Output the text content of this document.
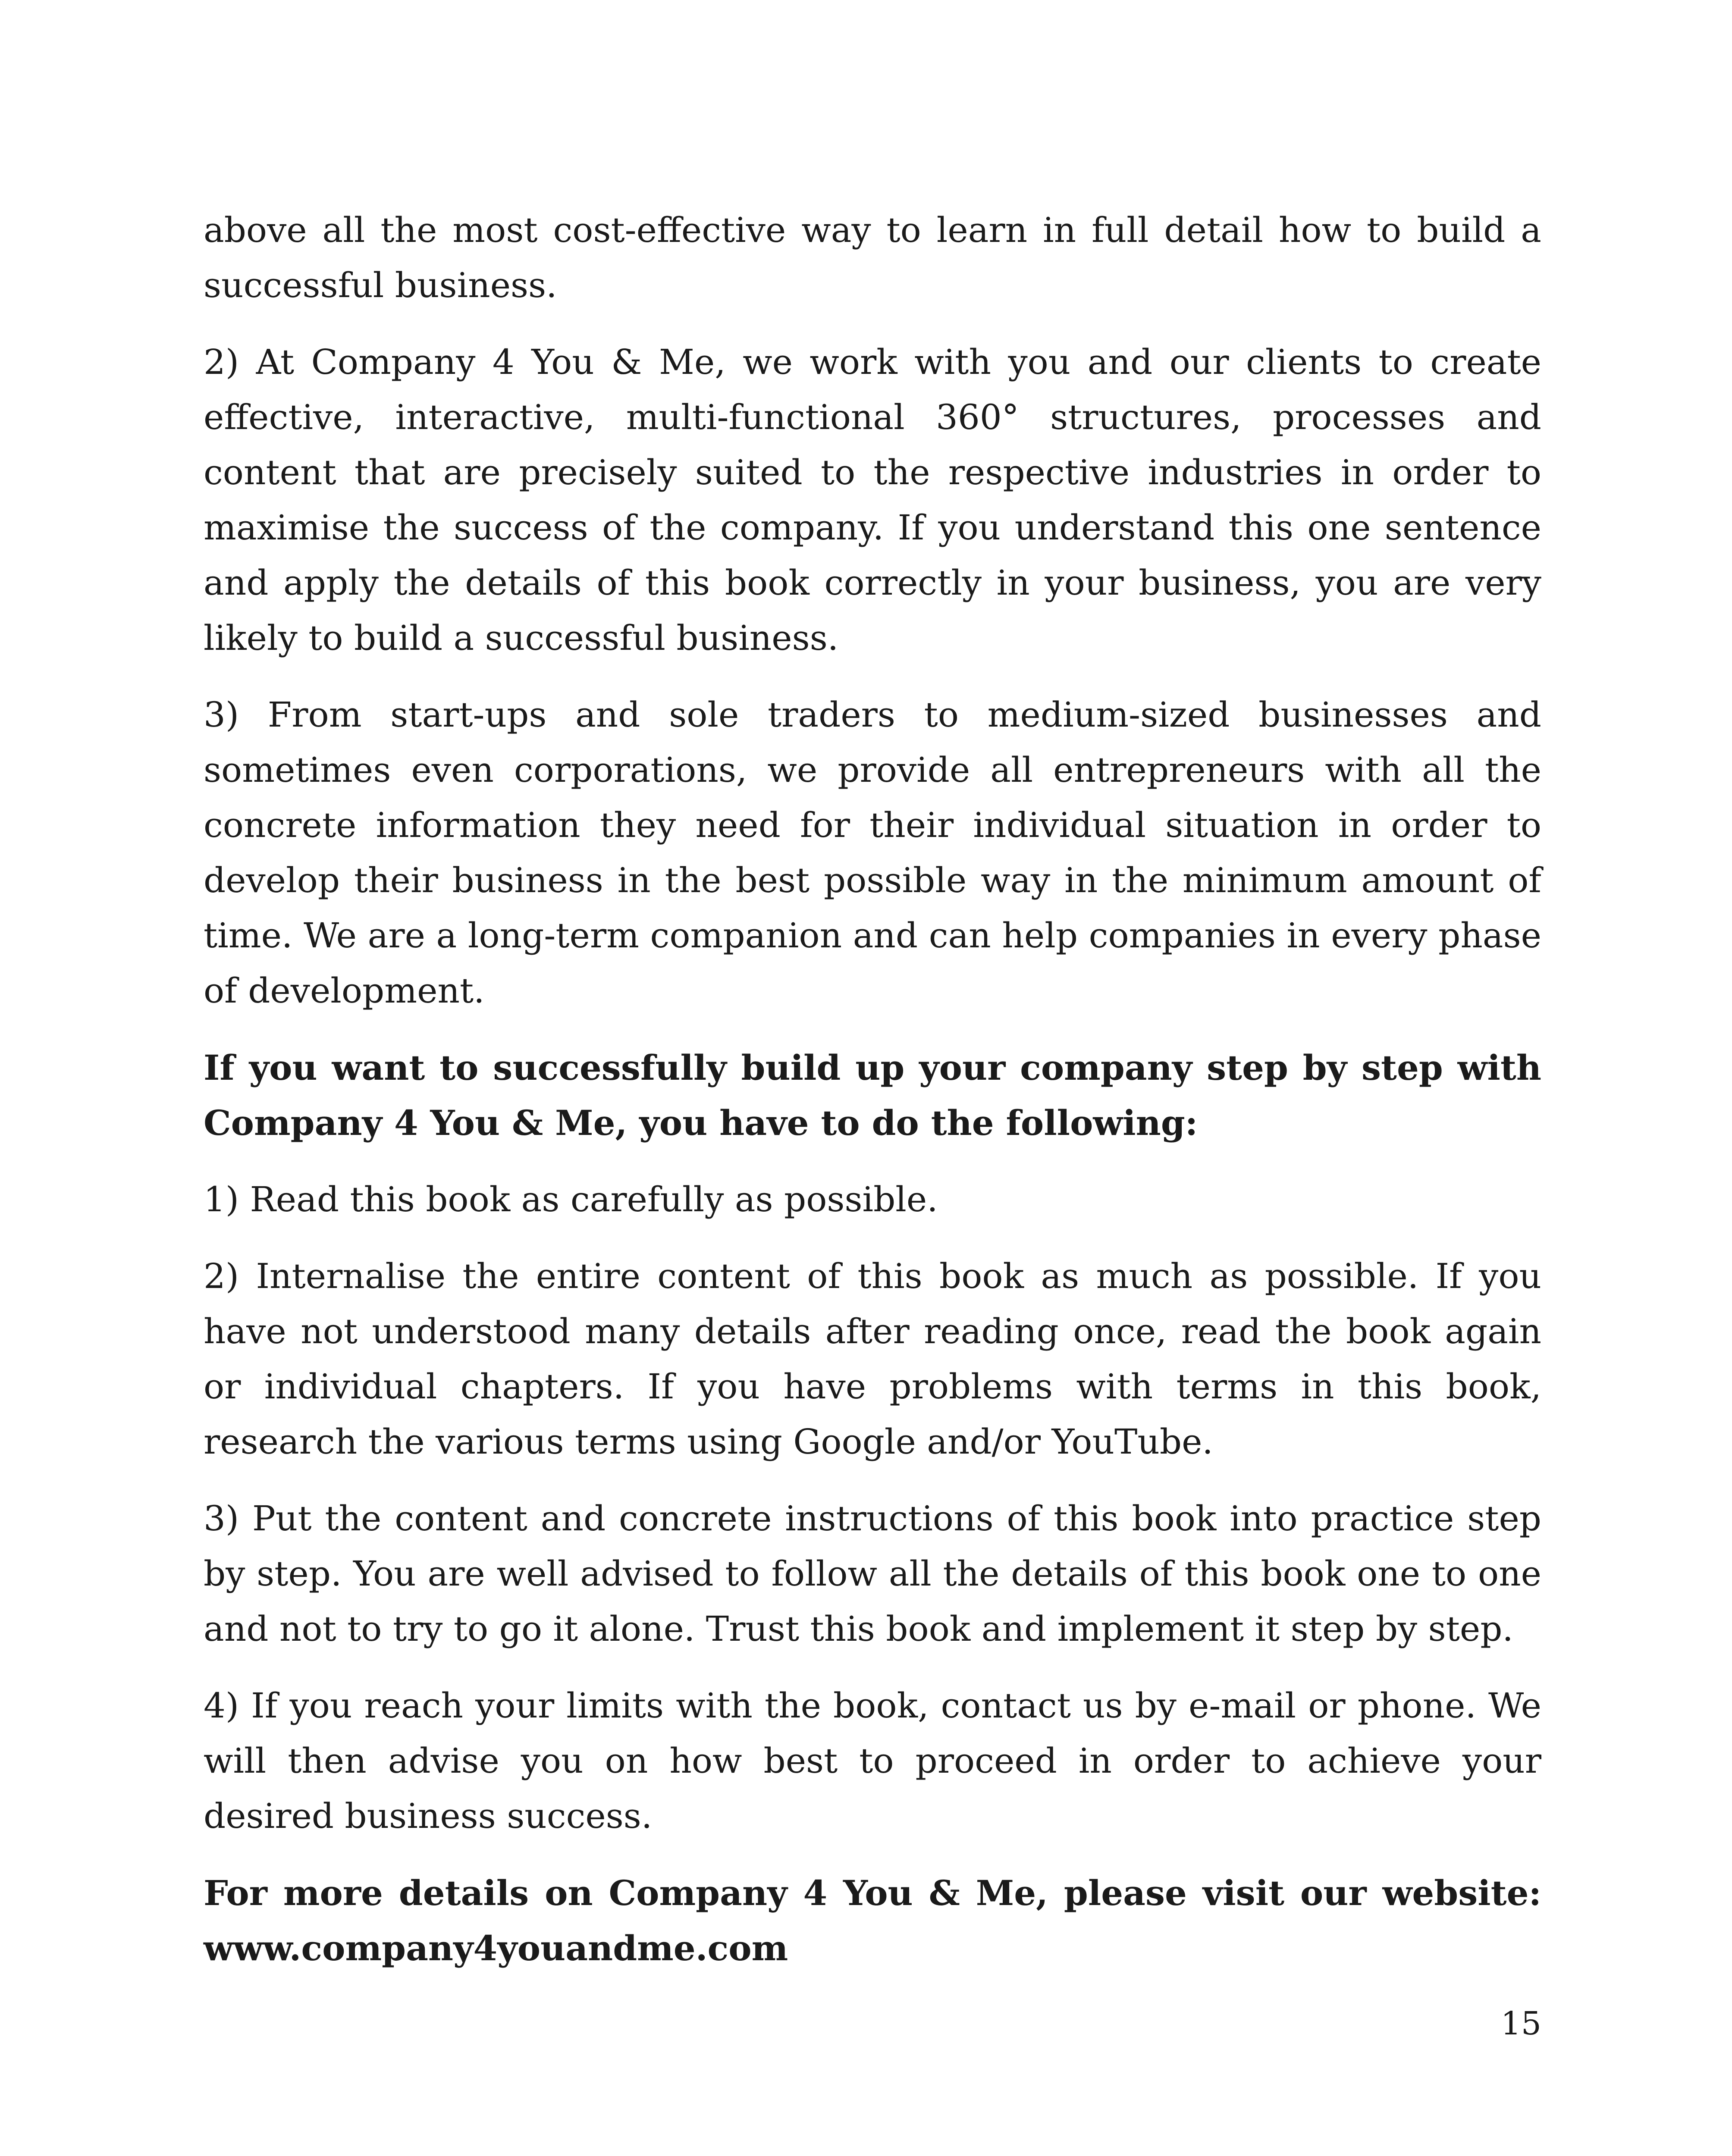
above all the most cost-effective way to learn in full detail how to build a successful business.

2) At Company 4 You & Me, we work with you and our clients to create effective, interactive, multi-functional 360° structures, processes and content that are precisely suited to the respective industries in order to maximise the success of the company. If you understand this one sentence and apply the details of this book correctly in your business, you are very likely to build a successful business.

3) From start-ups and sole traders to medium-sized businesses and sometimes even corporations, we provide all entrepreneurs with all the concrete information they need for their individual situation in order to develop their business in the best possible way in the minimum amount of time. We are a long-term companion and can help companies in every phase of development.

If you want to successfully build up your company step by step with Company 4 You & Me, you have to do the following:

1) Read this book as carefully as possible.

2) Internalise the entire content of this book as much as possible. If you have not understood many details after reading once, read the book again or individual chapters. If you have problems with terms in this book, research the various terms using Google and/or YouTube.

3) Put the content and concrete instructions of this book into practice step by step. You are well advised to follow all the details of this book one to one and not to try to go it alone. Trust this book and implement it step by step.

4) If you reach your limits with the book, contact us by e-mail or phone. We will then advise you on how best to proceed in order to achieve your desired business success.

For more details on Company 4 You & Me, please visit our website: www.company4youandme.com

15
